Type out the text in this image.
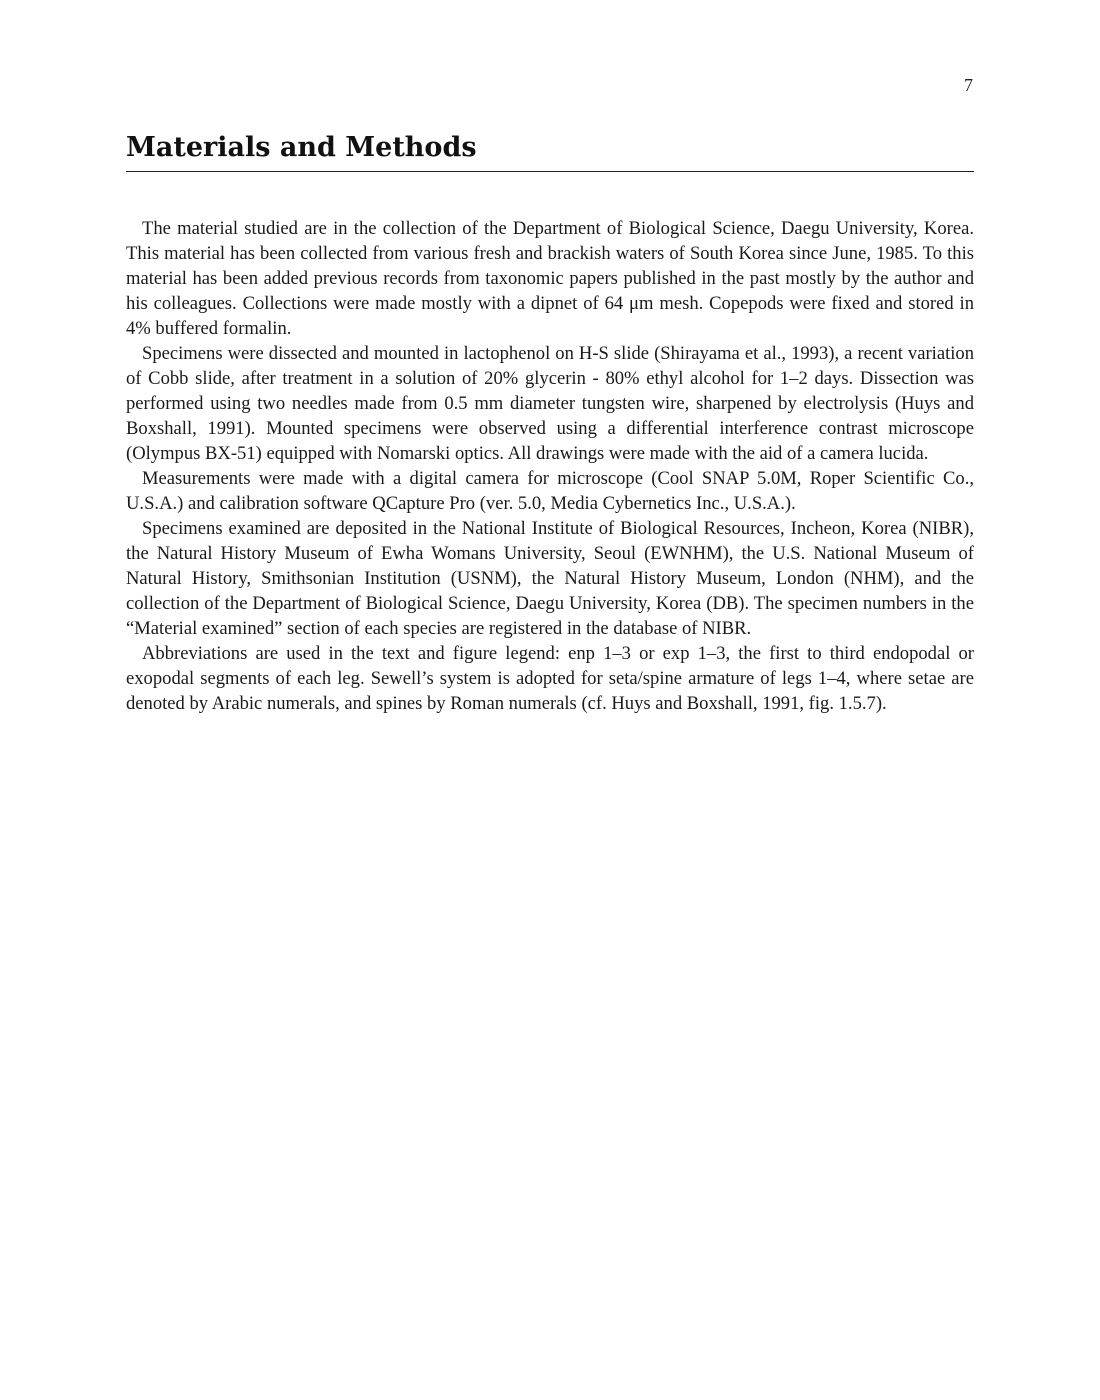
7
Materials and Methods

The material studied are in the collection of the Department of Biological Science, Daegu University, Korea. This material has been collected from various fresh and brackish waters of South Korea since June, 1985. To this material has been added previous records from taxonomic papers published in the past mostly by the author and his colleagues. Collections were made mostly with a dipnet of 64 μm mesh. Copepods were fixed and stored in 4% buffered formalin.

Specimens were dissected and mounted in lactophenol on H-S slide (Shirayama et al., 1993), a recent variation of Cobb slide, after treatment in a solution of 20% glycerin - 80% ethyl alcohol for 1–2 days. Dissection was performed using two needles made from 0.5 mm diameter tungsten wire, sharpened by electrolysis (Huys and Boxshall, 1991). Mounted specimens were observed using a differential interference contrast microscope (Olympus BX-51) equipped with Nomarski optics. All drawings were made with the aid of a camera lucida.

Measurements were made with a digital camera for microscope (Cool SNAP 5.0M, Roper Scientific Co., U.S.A.) and calibration software QCapture Pro (ver. 5.0, Media Cybernetics Inc., U.S.A.).

Specimens examined are deposited in the National Institute of Biological Resources, Incheon, Korea (NIBR), the Natural History Museum of Ewha Womans University, Seoul (EWNHM), the U.S. National Museum of Natural History, Smithsonian Institution (USNM), the Natural History Museum, London (NHM), and the collection of the Department of Biological Science, Daegu University, Korea (DB). The specimen numbers in the “Material examined” section of each species are registered in the database of NIBR.

Abbreviations are used in the text and figure legend: enp 1–3 or exp 1–3, the first to third endopodal or exopodal segments of each leg. Sewell’s system is adopted for seta/spine armature of legs 1–4, where setae are denoted by Arabic numerals, and spines by Roman numerals (cf. Huys and Boxshall, 1991, fig. 1.5.7).
